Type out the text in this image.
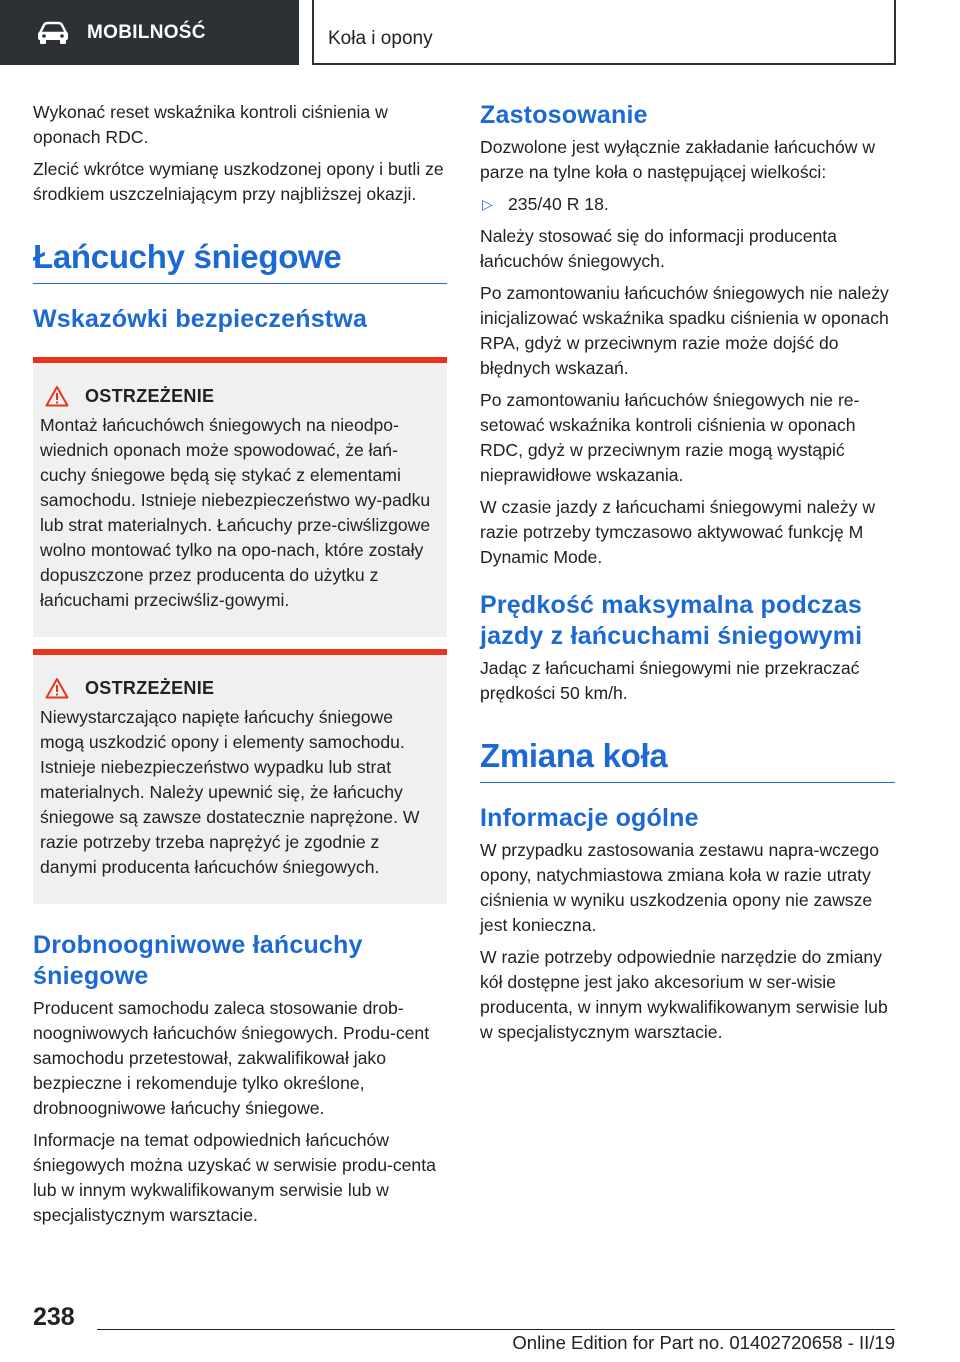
MOBILNOŚĆ	Koła i opony

Wykonać reset wskaźnika kontroli ciśnienia w oponach RDC.

Zlecić wkrótce wymianę uszkodzonej opony i butli ze środkiem uszczelniającym przy najbliższej okazji.

Łańcuchy śniegowe
Wskazówki bezpieczeństwa
OSTRZEŻENIE

Montaż łańcuchówch śniegowych na nieodpo-wiednich oponach może spowodować, że łań-cuchy śniegowe będą się stykać z elementami samochodu. Istnieje niebezpieczeństwo wy-padku lub strat materialnych. Łańcuchy prze-ciwślizgowe wolno montować tylko na opo-nach, które zostały dopuszczone przez producenta do użytku z łańcuchami przeciwśliz-gowymi.

OSTRZEŻENIE

Niewystarczająco napięte łańcuchy śniegowe mogą uszkodzić opony i elementy samochodu. Istnieje niebezpieczeństwo wypadku lub strat materialnych. Należy upewnić się, że łańcuchy śniegowe są zawsze dostatecznie naprężone. W razie potrzeby trzeba naprężyć je zgodnie z danymi producenta łańcuchów śniegowych.

Drobnoogniwowe łańcuchy śniegowe

Producent samochodu zaleca stosowanie drob-noogniwowych łańcuchów śniegowych. Produ-cent samochodu przetestował, zakwalifikował jako bezpieczne i rekomenduje tylko określone, drobnoogniwowe łańcuchy śniegowe.

Informacje na temat odpowiednich łańcuchów śniegowych można uzyskać w serwisie produ-centa lub w innym wykwalifikowanym serwisie lub w specjalistycznym warsztacie.

Zastosowanie

Dozwolone jest wyłącznie zakładanie łańcuchów w parze na tylne koła o następującej wielkości:

▷ 235/40 R 18.

Należy stosować się do informacji producenta łańcuchów śniegowych.

Po zamontowaniu łańcuchów śniegowych nie należy inicjalizować wskaźnika spadku ciśnienia w oponach RPA, gdyż w przeciwnym razie może dojść do błędnych wskazań.

Po zamontowaniu łańcuchów śniegowych nie re-setować wskaźnika kontroli ciśnienia w oponach RDC, gdyż w przeciwnym razie mogą wystąpić nieprawidłowe wskazania.

W czasie jazdy z łańcuchami śniegowymi należy w razie potrzeby tymczasowo aktywować funkcję M Dynamic Mode.

Prędkość maksymalna podczas jazdy z łańcuchami śniegowymi

Jadąc z łańcuchami śniegowymi nie przekraczać prędkości 50 km/h.

Zmiana koła
Informacje ogólne

W przypadku zastosowania zestawu napra-wczego opony, natychmiastowa zmiana koła w razie utraty ciśnienia w wyniku uszkodzenia opony nie zawsze jest konieczna.

W razie potrzeby odpowiednie narzędzie do zmiany kół dostępne jest jako akcesorium w ser-wisie producenta, w innym wykwalifikowanym serwisie lub w specjalistycznym warsztacie.

238
Online Edition for Part no. 01402720658 - II/19
